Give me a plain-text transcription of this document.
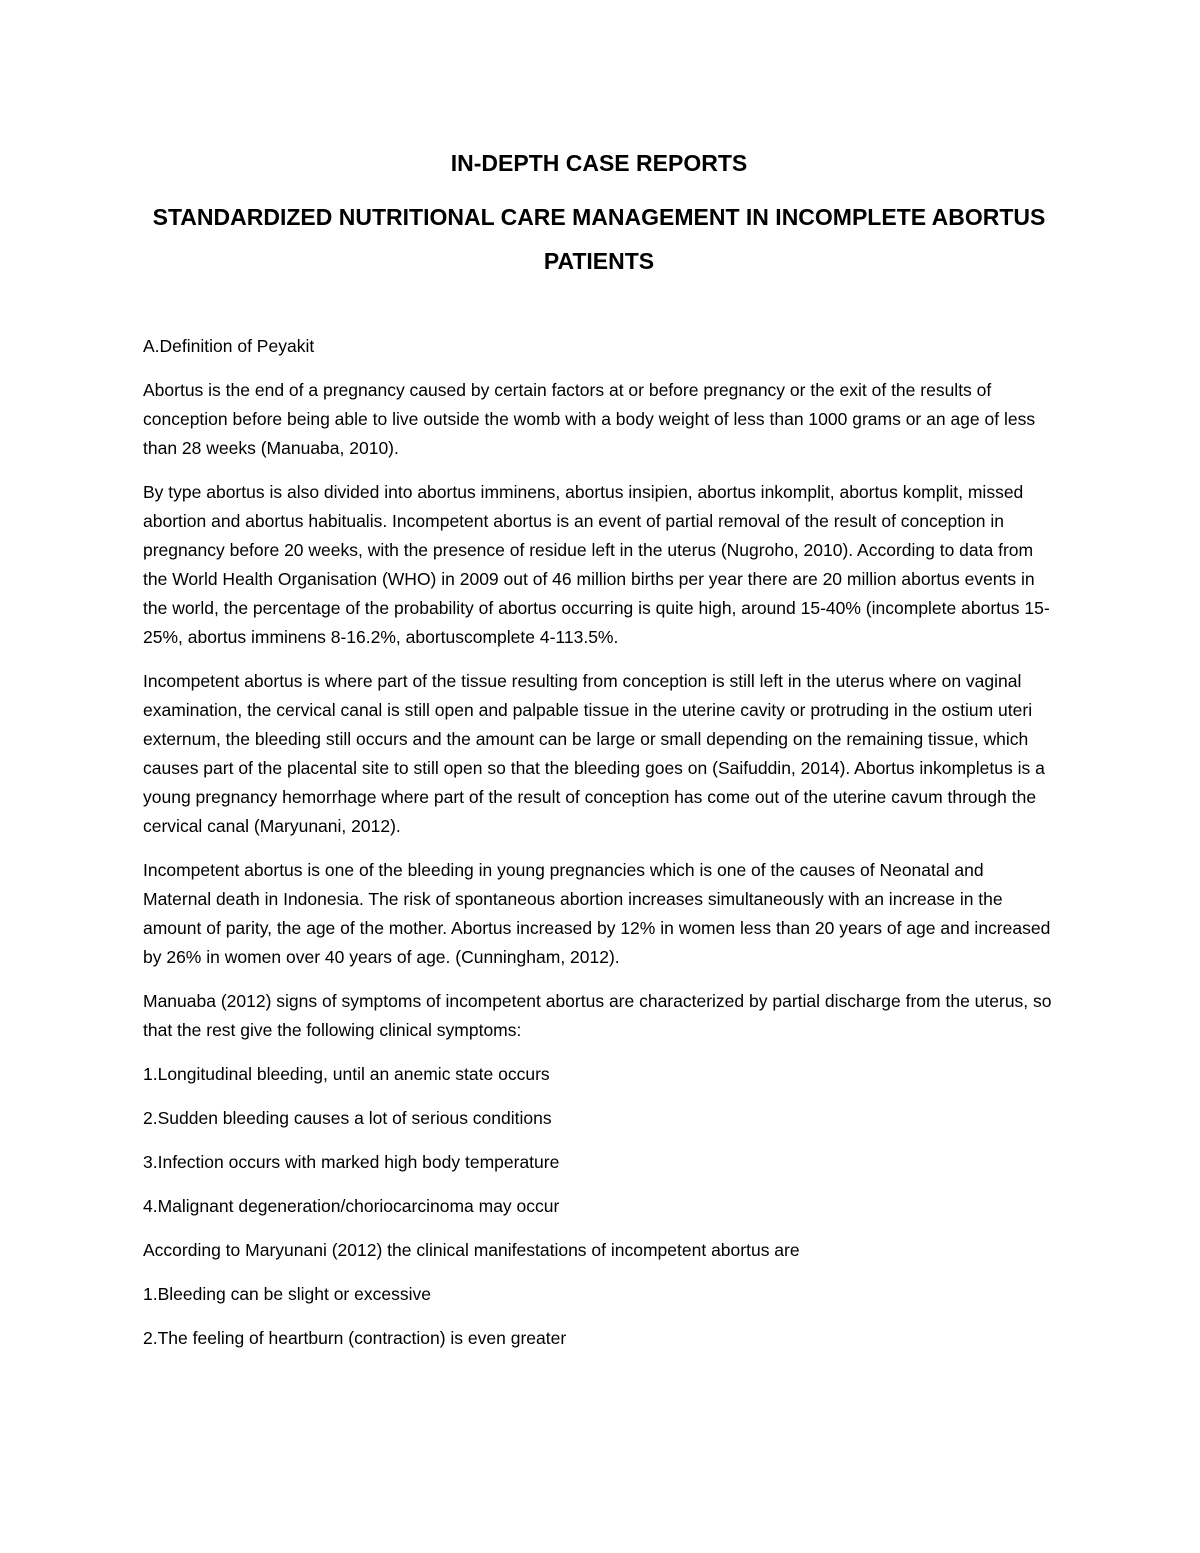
IN-DEPTH CASE REPORTS
STANDARDIZED NUTRITIONAL CARE MANAGEMENT IN INCOMPLETE ABORTUS PATIENTS

A.Definition of Peyakit

Abortus is the end of a pregnancy caused by certain factors at or before pregnancy or the exit of the results of conception before being able to live outside the womb with a body weight of less than 1000 grams or an age of less than 28 weeks (Manuaba, 2010).

By type abortus is also divided into abortus imminens, abortus insipien, abortus inkomplit, abortus komplit, missed abortion and abortus habitualis. Incompetent abortus is an event of partial removal of the result of conception in pregnancy before 20 weeks, with the presence of residue left in the uterus (Nugroho, 2010). According to data from the World Health Organisation (WHO) in 2009 out of 46 million births per year there are 20 million abortus events in the world, the percentage of the probability of abortus occurring is quite high, around 15-40% (incomplete abortus 15-25%, abortus imminens 8-16.2%, abortuscomplete 4-113.5%.

Incompetent abortus is where part of the tissue resulting from conception is still left in the uterus where on vaginal examination, the cervical canal is still open and palpable tissue in the uterine cavity or protruding in the ostium uteri externum, the bleeding still occurs and the amount can be large or small depending on the remaining tissue, which causes part of the placental site to still open so that the bleeding goes on (Saifuddin, 2014). Abortus inkompletus is a young pregnancy hemorrhage where part of the result of conception has come out of the uterine cavum through the cervical canal (Maryunani, 2012).

Incompetent abortus is one of the bleeding in young pregnancies which is one of the causes of Neonatal and Maternal death in Indonesia. The risk of spontaneous abortion increases simultaneously with an increase in the amount of parity, the age of the mother. Abortus increased by 12% in women less than 20 years of age and increased by 26% in women over 40 years of age. (Cunningham, 2012).

Manuaba (2012) signs of symptoms of incompetent abortus are characterized by partial discharge from the uterus, so that the rest give the following clinical symptoms:

1.Longitudinal bleeding, until an anemic state occurs

2.Sudden bleeding causes a lot of serious conditions

3.Infection occurs with marked high body temperature

4.Malignant degeneration/choriocarcinoma may occur

According to Maryunani (2012) the clinical manifestations of incompetent abortus are

1.Bleeding can be slight or excessive

2.The feeling of heartburn (contraction) is even greater
